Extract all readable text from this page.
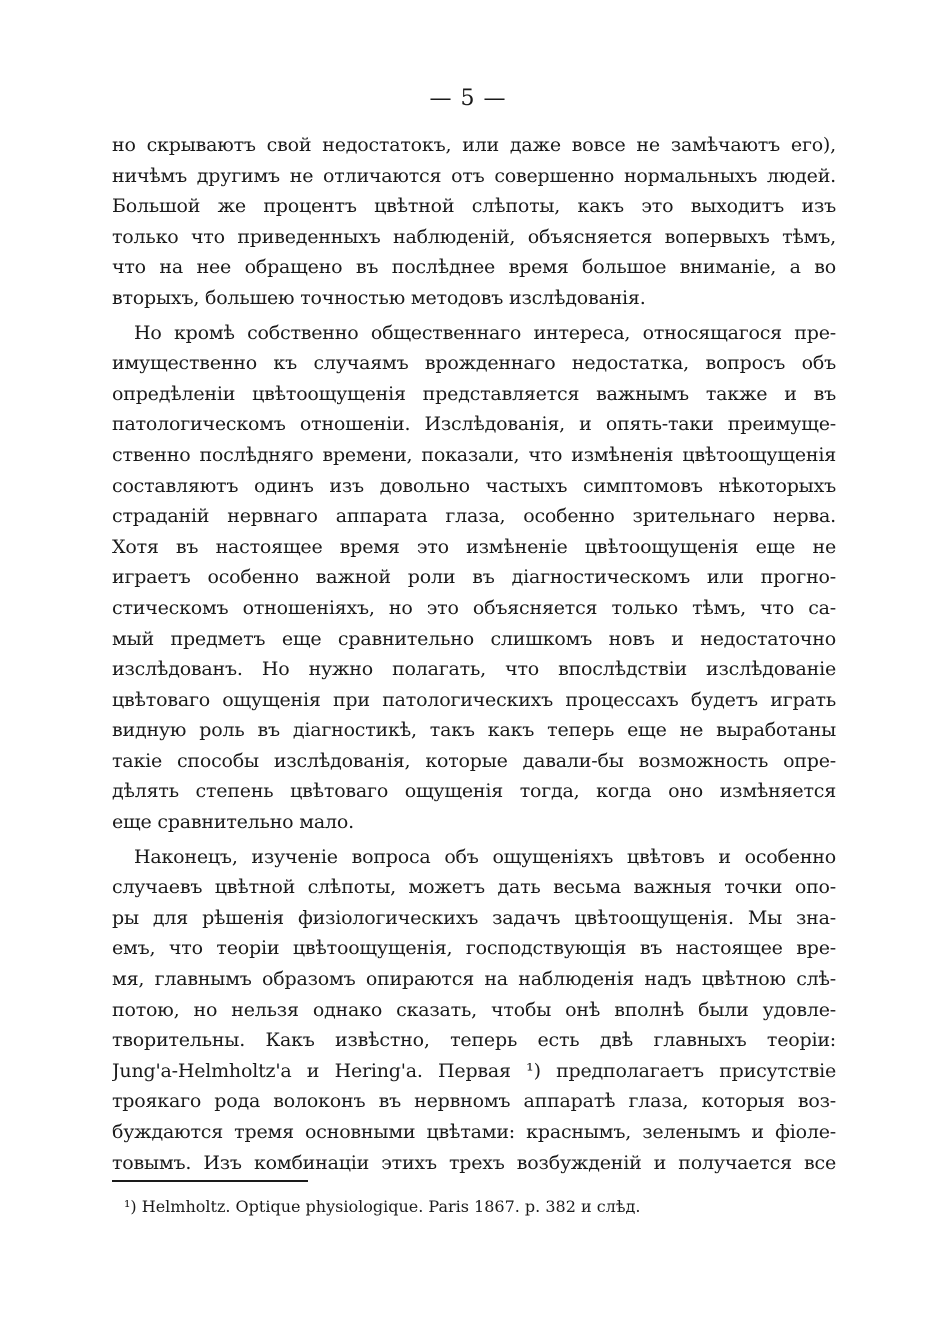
— 5 —
но скрываютъ свой недостатокъ, или даже вовсе не замѣчаютъ его),
ничѣмъ другимъ не отличаются отъ совершенно нормальныхъ людей.
Большой же процентъ цвѣтной слѣпоты, какъ это выходитъ изъ
только что приведенныхъ наблюденій, объясняется вопервыхъ тѣмъ,
что на нее обращено въ послѣднее время большое вниманіе, а во
вторыхъ, большею точностью методовъ изслѣдованія.
Но кромѣ собственно общественнаго интереса, относящагося пре-
имущественно къ случаямъ врожденнаго недостатка, вопросъ объ
опредѣленіи цвѣтоощущенія представляется важнымъ также и въ
патологическомъ отношеніи. Изслѣдованія, и опять-таки преимуще-
ственно послѣдняго времени, показали, что измѣненія цвѣтоощущенія
составляютъ одинъ изъ довольно частыхъ симптомовъ нѣкоторыхъ
страданій нервнаго аппарата глаза, особенно зрительнаго нерва.
Хотя въ настоящее время это измѣненіе цвѣтоощущенія еще не
играетъ особенно важной роли въ діагностическомъ или прогно-
стическомъ отношеніяхъ, но это объясняется только тѣмъ, что са-
мый предметъ еще сравнительно слишкомъ новъ и недостаточно
изслѣдованъ. Но нужно полагать, что впослѣдствіи изслѣдованіе
цвѣтоваго ощущенія при патологическихъ процессахъ будетъ играть
видную роль въ діагностикѣ, такъ какъ теперь еще не выработаны
такіе способы изслѣдованія, которые давали-бы возможность опре-
дѣлять степень цвѣтоваго ощущенія тогда, когда оно измѣняется
еще сравнительно мало.
Наконецъ, изученіе вопроса объ ощущеніяхъ цвѣтовъ и особенно
случаевъ цвѣтной слѣпоты, можетъ дать весьма важныя точки опо-
ры для рѣшенія физіологическихъ задачъ цвѣтоощущенія. Мы зна-
емъ, что теоріи цвѣтоощущенія, господствующія въ настоящее вре-
мя, главнымъ образомъ опираются на наблюденія надъ цвѣтною слѣ-
потою, но нельзя однако сказать, чтобы онѣ вполнѣ были удовле-
творительны. Какъ извѣстно, теперь есть двѣ главныхъ теоріи:
Jung'a-Helmholtz'a и Hering'a. Первая ¹) предполагаетъ присутствіе
троякаго рода волоконъ въ нервномъ аппаратѣ глаза, которыя воз-
буждаются тремя основными цвѣтами: краснымъ, зеленымъ и фіоле-
товымъ. Изъ комбинаціи этихъ трехъ возбужденій и получается все
¹) Helmholtz. Optique physiologique. Paris 1867. p. 382 и слѣд.
